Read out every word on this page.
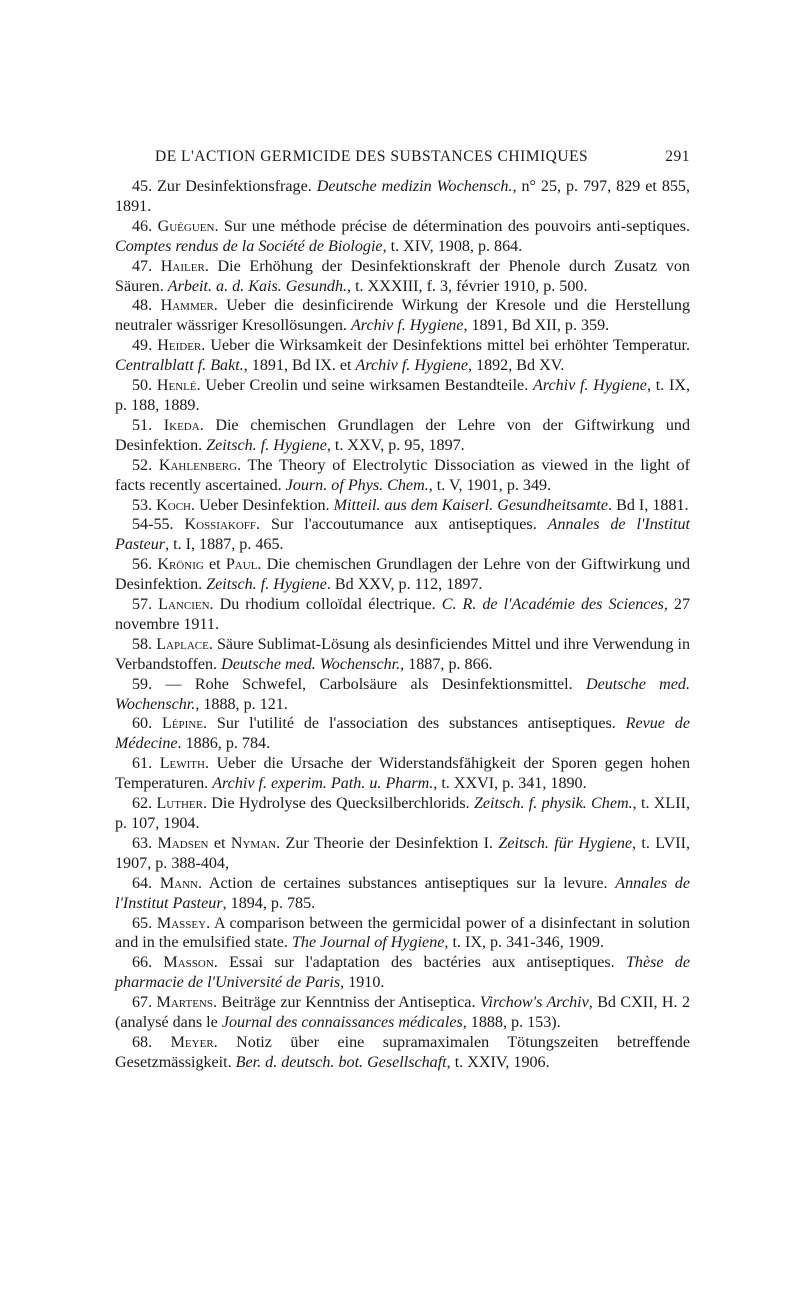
DE L'ACTION GERMICIDE DES SUBSTANCES CHIMIQUES	291

45. Zur Desinfektionsfrage. Deutsche medizin Wochensch., n° 25, p. 797, 829 et 855, 1891.

46. Guéguen. Sur une méthode précise de détermination des pouvoirs anti-septiques. Comptes rendus de la Société de Biologie, t. XIV, 1908, p. 864.

47. Hailer. Die Erhöhung der Desinfektionskraft der Phenole durch Zusatz von Säuren. Arbeit. a. d. Kais. Gesundh., t. XXXIII, f. 3, février 1910, p. 500.

48. Hammer. Ueber die desinficirende Wirkung der Kresole und die Herstellung neutraler wässriger Kresollösungen. Archiv f. Hygiene, 1891, Bd XII, p. 359.

49. Heider. Ueber die Wirksamkeit der Desinfektions mittel bei erhöhter Temperatur. Centralblatt f. Bakt., 1891, Bd IX. et Archiv f. Hygiene, 1892, Bd XV.

50. Henlé. Ueber Creolin und seine wirksamen Bestandteile. Archiv f. Hygiene, t. IX, p. 188, 1889.

51. Ikeda. Die chemischen Grundlagen der Lehre von der Giftwirkung und Desinfektion. Zeitsch. f. Hygiene, t. XXV, p. 95, 1897.

52. Kahlenberg. The Theory of Electrolytic Dissociation as viewed in the light of facts recently ascertained. Journ. of Phys. Chem., t. V, 1901, p. 349.

53. Koch. Ueber Desinfektion. Mitteil. aus dem Kaiserl. Gesundheitsamte. Bd I, 1881.

54-55. Kossiakoff. Sur l'accoutumance aux antiseptiques. Annales de l'Institut Pasteur, t. I, 1887, p. 465.

56. Krönig et Paul. Die chemischen Grundlagen der Lehre von der Giftwirkung und Desinfektion. Zeitsch. f. Hygiene. Bd XXV, p. 112, 1897.

57. Lancien. Du rhodium colloïdal électrique. C. R. de l'Académie des Sciences, 27 novembre 1911.

58. Laplace. Säure Sublimat-Lösung als desinficiendes Mittel und ihre Verwendung in Verbandstoffen. Deutsche med. Wochenschr., 1887, p. 866.

59. — Rohe Schwefel, Carbolsäure als Desinfektionsmittel. Deutsche med. Wochenschr., 1888, p. 121.

60. Lépine. Sur l'utilité de l'association des substances antiseptiques. Revue de Médecine. 1886, p. 784.

61. Lewith. Ueber die Ursache der Widerstandsfähigkeit der Sporen gegen hohen Temperaturen. Archiv f. experim. Path. u. Pharm., t. XXVI, p. 341, 1890.

62. Luther. Die Hydrolyse des Quecksilberchlorids. Zeitsch. f. physik. Chem., t. XLII, p. 107, 1904.

63. Madsen et Nyman. Zur Theorie der Desinfektion I. Zeitsch. für Hygiene, t. LVII, 1907, p. 388-404,

64. Mann. Action de certaines substances antiseptiques sur la levure. Annales de l'Institut Pasteur, 1894, p. 785.

65. Massey. A comparison between the germicidal power of a disinfectant in solution and in the emulsified state. The Journal of Hygiene, t. IX, p. 341-346, 1909.

66. Masson. Essai sur l'adaptation des bactéries aux antiseptiques. Thèse de pharmacie de l'Université de Paris, 1910.

67. Martens. Beiträge zur Kenntniss der Antiseptica. Virchow's Archiv, Bd CXII, H. 2 (analysé dans le Journal des connaissances médicales, 1888, p. 153).

68. Meyer. Notiz über eine supramaximalen Tötungszeiten betreffende Gesetzmässigkeit. Ber. d. deutsch. bot. Gesellschaft, t. XXIV, 1906.
